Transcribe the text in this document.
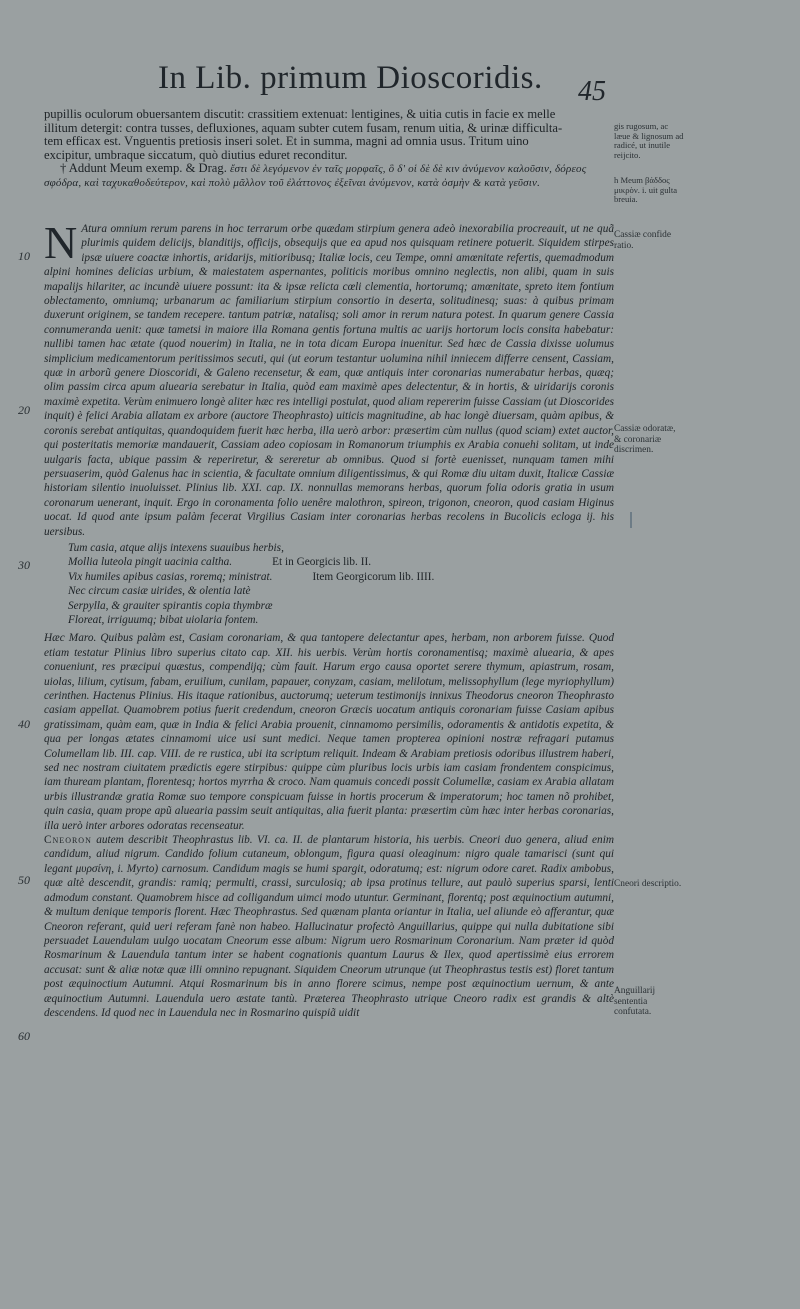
In Lib. primum Dioscoridis. 45
pupillis oculorum obuersantem discutit: crassitiem extenuat: lentigines, & uitia cutis in facie ex melle
illitum detergit: contra tusses, defluxiones, aquam subter cutem fusam, renum uitia, & urinæ difficulta-
tem efficax est. Vnguentis pretiosis inseri solet. Et in summa, magni ad omnia usus. Tritum uino
excipitur, umbraque siccatum, quò diutius eduret reconditur.
† Addunt Meum exemp. & Drag. ἔστι δὲ λεγόμενον ἐν ταῖς μορφαῖς, ὃ δ' οἱ δὲ δὲ κιν ἀνύμενον καλοῦσιν, δόρεος
σφόδρα, καὶ ταχυκαθοδεύτερον, καὶ πολὺ μᾶλλον τοῦ ἐλάττονος ἐξεῖναι ἀνύμενον, κατὰ ὀσμὴν & κατὰ γεῦσιν.
N Atura omnium rerum parens in hoc terrarum orbe quædam stirpium genera adeò inexorabilia procreauit, ut ne quã plurimis quidem delicijs, blanditijs, officijs, obsequijs que ea apud nos quisquam retinere potuerit. Siquidem stirpes ipsæ uiuere coactæ inhortis, aridarijs, mitioribusq; Italiæ locis, ceu Tempe, omni amœnitate refertis, quemadmodum alpini homines delicias urbium, & maiestatem aspernantes, politicis moribus omnino neglectis, non alibi, quam in suis mapalijs hilariter, ac incundè uiuere possunt: ita & ipsæ relicta cœli clementia, hortorumq; amœnitate, spreto item fontium oblectamento, omniumq; urbanarum ac familiarium stirpium consortio in deserta, solitudinesq; suas: à quibus primam duxerunt originem, se tandem recepere. tantum patriæ, natalisq; soli amor in rerum natura potest. In quarum genere Cassia connumeranda uenit: quæ tametsi in maiore illa Romana gentis fortuna multis ac uarijs hortorum locis consita habebatur: nullibi tamen hac ætate (quod nouerim) in Italia, ne in tota dicam Europa inuenitur. Sed hæc de Cassia dixisse uolumus simplicium medicamentorum peritissimos secuti, qui (ut eorum testantur uolumina nihil inniecem differre censent, Cassiam, quæ in arborũ genere Dioscoridi, & Galeno recensetur, & eam, quæ antiquis inter coronarias numerabatur herbas, quæq; olim passim circa apum aluearia serebatur in Italia, quòd eam maximè apes delectentur, & in hortis, & uiridarijs coronis maximè expetita. Verùm enimuero longè aliter hæc res intelligi postulat, quod aliam repererim fuisse Cassiam (ut Dioscorides inquit) è felici Arabia allatam ex arbore (auctore Theophrasto) uiticis magnitudine, ab hac longè diuersam, quàm apibus, & coronis serebat antiquitas, quandoquidem fuerit hæc herba, illa uerò arbor: præsertim cùm nullus (quod sciam) extet auctor, qui posteritatis memoriæ mandauerit, Cassiam adeo copiosam in Romanorum triumphis ex Arabia conuehi solitam, ut inde uulgaris facta, ubique passim & reperiretur, & sereretur ab omnibus. Quod si fortè euenisset, nunquam tamen mihi persuaserim, quòd Galenus hac in scientia, & facultate omnium diligentissimus, & qui Romæ diu uitam duxit, Italicæ Cassiæ historiam silentio inuoluisset. Plinius lib. XXI. cap. IX. nonnullas memorans herbas, quorum folia odoris gratia in usum coronarum uenerant, inquit. Ergo in coronamenta folio uenêre malothron, spireon, trigonon, cneoron, quod casiam Higinus uocat. Id quod ante ipsum palàm fecerat Virgilius Casiam inter coronarias herbas recolens in Bucolicis ecloga ij. his uersibus.

Tum casia, atque alijs intexens suauibus herbis,
Mollia luteola pingit uacinia caltha.	Et in Georgicis lib. II.
Vix humiles apibus casias, roremq; ministrat.	Item Georgicorum lib. IIII.
Nec circum casiæ uirides, & olentia latè
Serpylla, & grauiter spirantis copia thymbræ
Floreat, irriguumq; bibat uiolaria fontem.

Hæc Maro. Quibus palàm est, Casiam coronariam, & qua tantopere delectantur apes, herbam, non arborem fuisse. Quod etiam testatur Plinius libro superius citato cap. XII. his uerbis. Verùm hortis coronamentisq; maximè aluearia, & apes conueniunt, res præcipui quæstus, compendijq; cùm fauit. Harum ergo causa oportet serere thymum, apiastrum, rosam, uiolas, lilium, cytisum, fabam, eruilium, cunilam, papauer, conyzam, casiam, melilotum, melissophyllum (lege myriophyllum) cerinthen. Hactenus Plinius. His itaque rationibus, auctorumq; ueterum testimonijs innixus Theodorus cneoron Theophrasto casiam appellat. Quamobrem potius fuerit credendum, cneoron Græcis uocatum antiquis coronariam fuisse Casiam apibus gratissimam, quàm eam, quæ in India & felici Arabia prouenit, cinnamomo persimilis, odoramentis & antidotis expetita, & qua per longas ætates cinnamomi uice usi sunt medici. Neque tamen propterea opinioni nostræ refragari putamus Columellam lib. III. cap. VIII. de re rustica, ubi ita scriptum reliquit. Indeam & Arabiam pretiosis odoribus illustrem haberi, sed nec nostram ciuitatem prædictis egere stirpibus: quippe cùm pluribus locis urbis iam casiam frondentem conspicimus, iam thuream plantam, florentesq; hortos myrrha & croco. Nam quamuis concedi possit Columellæ, casiam ex Arabia allatam urbis illustrandæ gratia Romæ suo tempore conspicuam fuisse in hortis procerum & imperatorum; hoc tamen nõ prohibet, quin casia, quam prope apũ aluearia passim seuit antiquitas, alia fuerit planta: præsertim cùm hæc inter herbas coronarias, illa uerò inter arbores odoratas recenseatur.

Cneoron autem describit Theophrastus lib. VI. ca. II. de plantarum historia, his uerbis. Cneori duo genera, aliud enim candidum, aliud nigrum. Candido folium cutaneum, oblongum, figura quasi oleaginum: nigro quale tamarisci (sunt qui legant μυρσίνη, i. Myrto) carnosum. Candidum magis se humi spargit, odoratumq; est: nigrum odore caret. Radix ambobus, quæ altè descendit, grandis: ramiq; permulti, crassi, surculosiq; ab ipsa protinus tellure, aut paulò superius sparsi, lenti admodum constant. Quamobrem hisce ad colligandum uimci modo utuntur. Germinant, florentq; post æquinoctium autumni, & multum denique temporis florent. Hæc Theophrastus. Sed quænam planta oriantur in Italia, uel aliunde eò afferantur, quæ Cneoron referant, quid ueri referam fanè non habeo. Hallucinatur profectò Anguillarius, quippe qui nulla dubitatione sibi persuadet Lauendulam uulgo uocatam Cneorum esse album: Nigrum uero Rosmarinum Coronarium. Nam præter id quòd Rosmarinum & Lauendula tantum inter se habent cognationis quantum Laurus & Ilex, quod apertissimè eius errorem accusat: sunt & aliæ notæ quæ illi omnino repugnant. Siquidem Cneorum utrunque (ut Theophrastus testis est) floret tantum post æquinoctium Autumni. Atqui Rosmarinum bis in anno florere scimus, nempe post æquinoctium uernum, & ante æquinoctium Autumni. Lauendula uero æstate tantù. Præterea Theophrasto utrique Cneoro radix est grandis & altè descendens. Id quod nec in Lauendula nec in Rosmarino quispiã uidit

10
20
30
40
50
60
gis rugosum, ac læue & lignosum ad radicé, ut inutile reijcito.
h Meum βάδδος μικρὸν. i. uit gulta breuia.
Cassiæ confide ratio.
Cassiæ odoratæ, & coronariæ discrimen.
Cneori descriptio.
Anguillarij sententia confutata.
